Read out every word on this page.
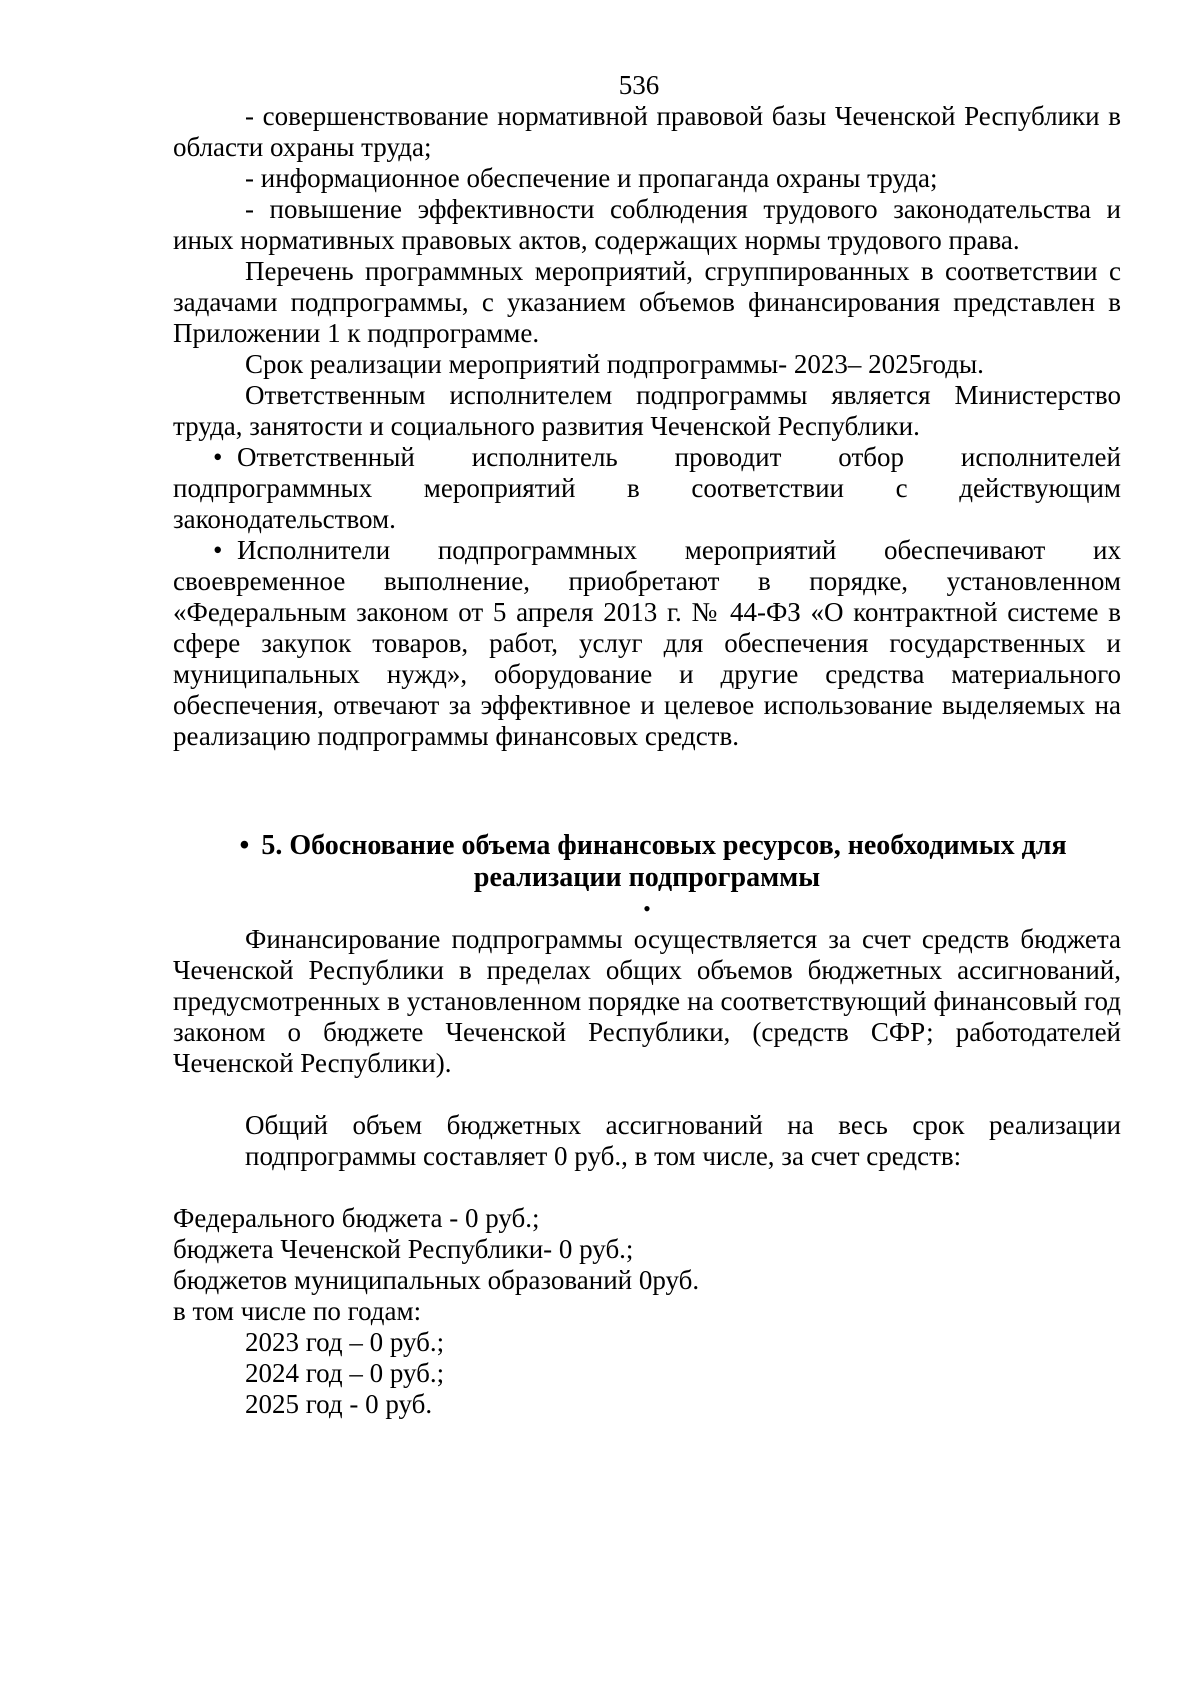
536

- совершенствование нормативной правовой базы Чеченской Республики в области охраны труда;

- информационное обеспечение и пропаганда охраны труда;

- повышение эффективности соблюдения трудового законодательства и иных нормативных правовых актов, содержащих нормы трудового права.

Перечень программных мероприятий, сгруппированных в соответствии с задачами подпрограммы, с указанием объемов финансирования представлен в Приложении 1 к подпрограмме.

Срок реализации мероприятий подпрограммы- 2023– 2025годы.

Ответственным исполнителем подпрограммы является Министерство труда, занятости и социального развития Чеченской Республики.

• Ответственный исполнитель проводит отбор исполнителей подпрограммных мероприятий в соответствии с действующим законодательством.

• Исполнители подпрограммных мероприятий обеспечивают их своевременное выполнение, приобретают в порядке, установленном «Федеральным законом от 5 апреля 2013 г. № 44-ФЗ «О контрактной системе в сфере закупок товаров, работ, услуг для обеспечения государственных и муниципальных нужд», оборудование и другие средства материального обеспечения, отвечают за эффективное и целевое использование выделяемых на реализацию подпрограммы финансовых средств.

• 5. Обоснование объема финансовых ресурсов, необходимых для реализации подпрограммы

•

Финансирование подпрограммы осуществляется за счет средств бюджета Чеченской Республики в пределах общих объемов бюджетных ассигнований, предусмотренных в установленном порядке на соответствующий финансовый год законом о бюджете Чеченской Республики, (средств СФР; работодателей Чеченской Республики).

Общий объем бюджетных ассигнований на весь срок реализации подпрограммы составляет 0 руб., в том числе, за счет средств:

Федерального бюджета - 0 руб.;

бюджета Чеченской Республики- 0 руб.;

бюджетов муниципальных образований 0руб.

в том числе по годам:

2023 год – 0 руб.;

2024 год – 0 руб.;

2025 год - 0 руб.
